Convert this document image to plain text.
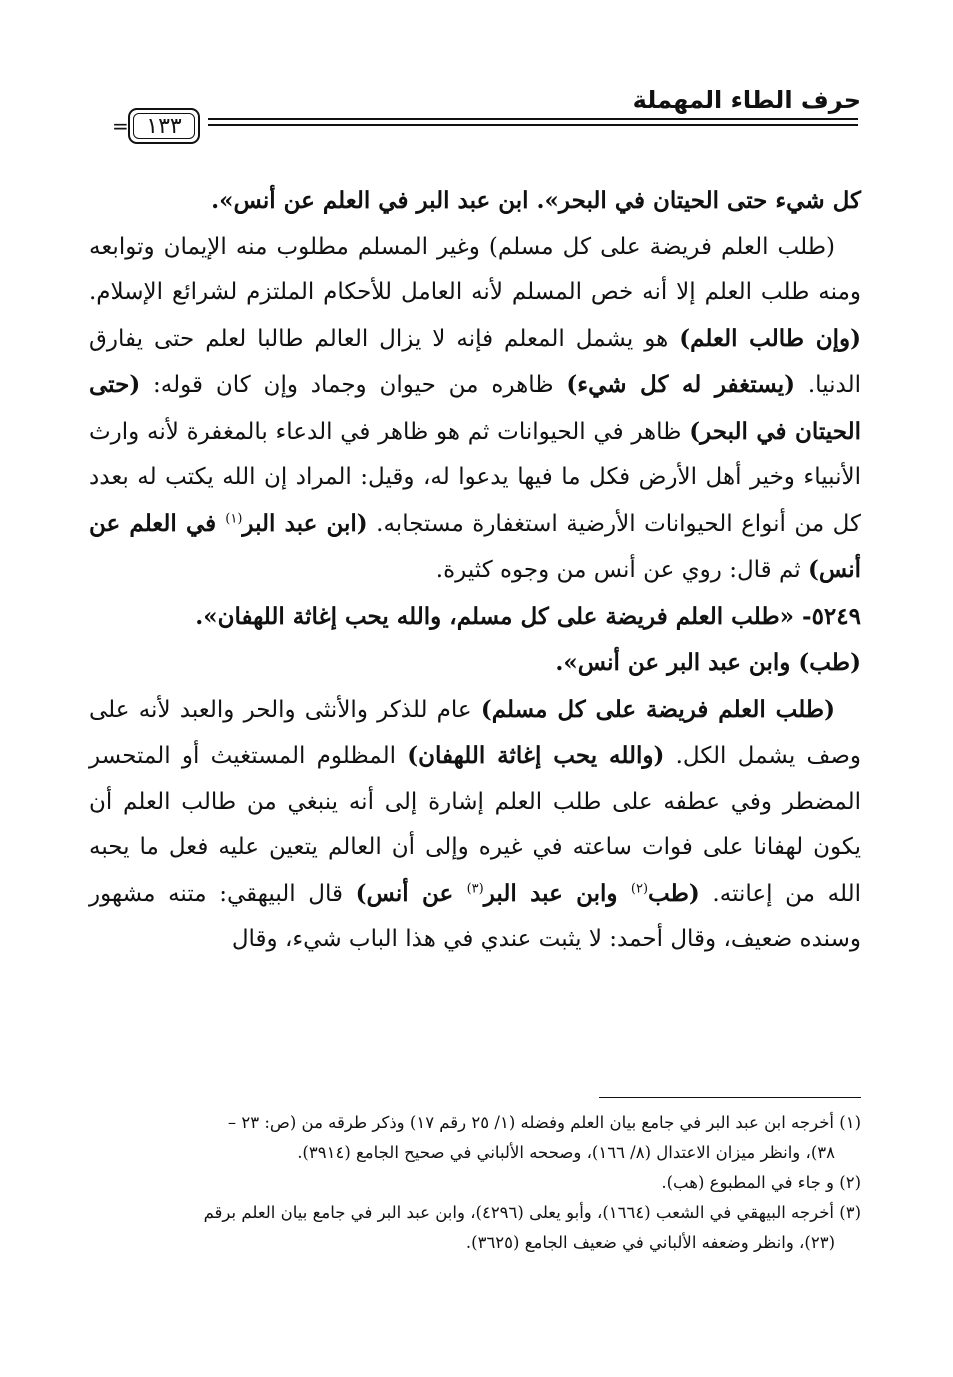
حرف الطاء المهملة
١٣٣
=

كل شيء حتى الحيتان في البحر». ابن عبد البر في العلم عن أنس».

(طلب العلم فريضة على كل مسلم) وغير المسلم مطلوب منه الإيمان وتوابعه ومنه طلب العلم إلا أنه خص المسلم لأنه العامل للأحكام الملتزم لشرائع الإسلام. (وإن طالب العلم) هو يشمل المعلم فإنه لا يزال العالم طالبا لعلم حتى يفارق الدنيا. (يستغفر له كل شيء) ظاهره من حيوان وجماد وإن كان قوله: (حتى الحيتان في البحر) ظاهر في الحيوانات ثم هو ظاهر في الدعاء بالمغفرة لأنه وارث الأنبياء وخير أهل الأرض فكل ما فيها يدعوا له، وقيل: المراد إن الله يكتب له بعدد كل من أنواع الحيوانات الأرضية استغفارة مستجابه. (ابن عبد البر$^{(١)}$ في العلم عن أنس) ثم قال: روي عن أنس من وجوه كثيرة.

٥٢٤٩- «طلب العلم فريضة على كل مسلم، والله يحب إغاثة اللهفان».

(طب) وابن عبد البر عن أنس».

(طلب العلم فريضة على كل مسلم) عام للذكر والأنثى والحر والعبد لأنه على وصف يشمل الكل. (والله يحب إغاثة اللهفان) المظلوم المستغيث أو المتحسر المضطر وفي عطفه على طلب العلم إشارة إلى أنه ينبغي من طالب العلم أن يكون لهفانا على فوات ساعته في غيره وإلى أن العالم يتعين عليه فعل ما يحبه الله من إعانته. (طب$^{(٢)}$ وابن عبد البر$^{(٣)}$ عن أنس) قال البيهقي: متنه مشهور وسنده ضعيف، وقال أحمد: لا يثبت عندي في هذا الباب شيء، وقال

(١) أخرجه ابن عبد البر في جامع بيان العلم وفضله (١/ ٢٥ رقم ١٧) وذكر طرقه من (ص: ٢٣ –

٣٨)، وانظر ميزان الاعتدال (٨/ ١٦٦)، وصححه الألباني في صحيح الجامع (٣٩١٤).

(٢) و جاء في المطبوع (هب).

(٣) أخرجه البيهقي في الشعب (١٦٦٤)، وأبو يعلى (٤٢٩٦)، وابن عبد البر في جامع بيان العلم برقم

(٢٣)، وانظر وضعفه الألباني في ضعيف الجامع (٣٦٢٥).
